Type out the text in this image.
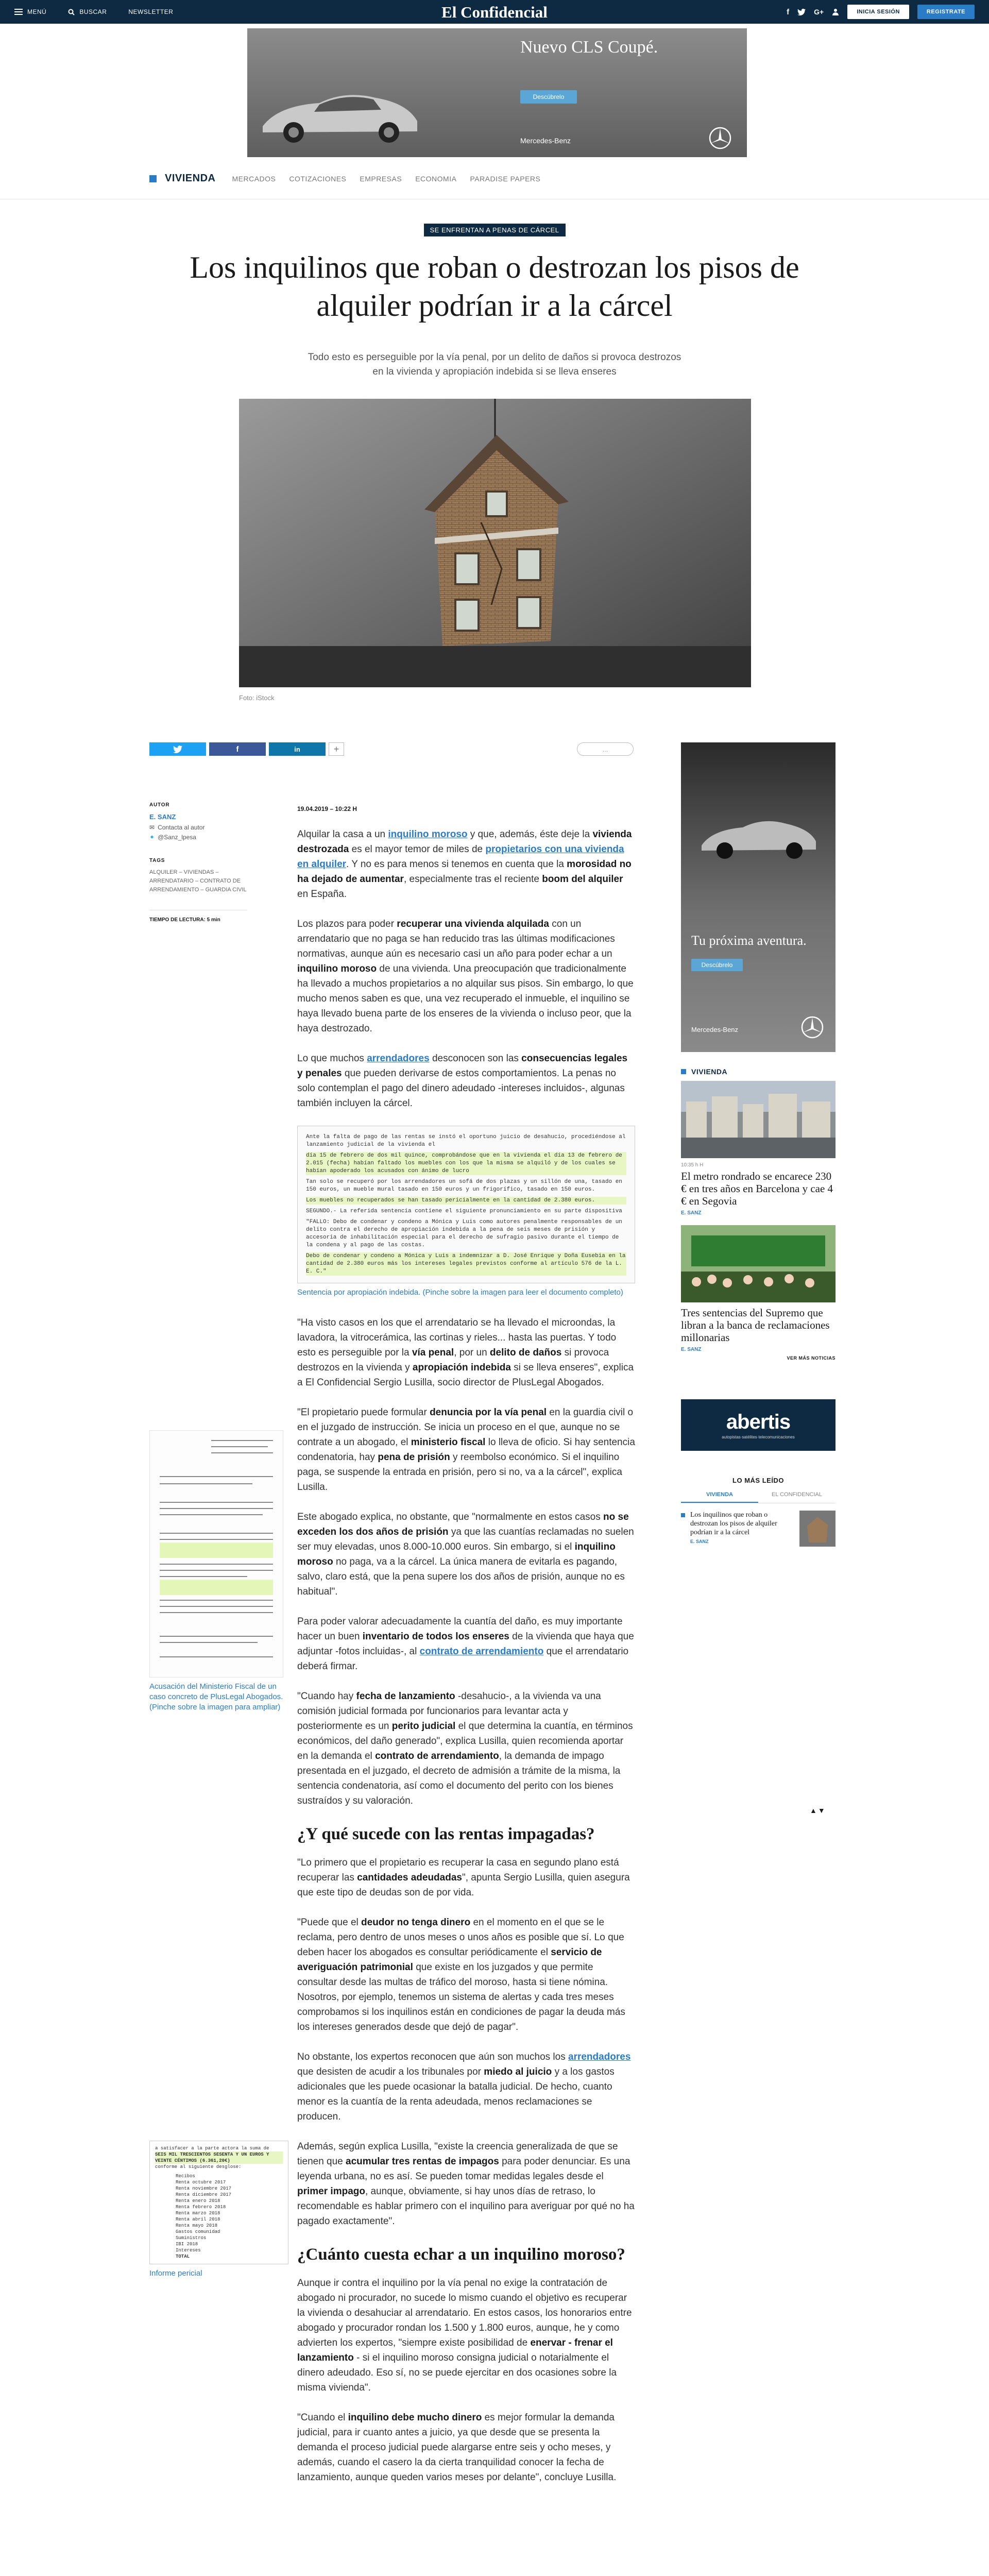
MENÚ	BUSCAR	NEWSLETTER	El Confidencial	f	G+	INICIA SESIÓN	REGISTRATE
Nuevo CLS Coupé.
Descúbrelo
Mercedes-Benz
VIVIENDA MERCADOS COTIZACIONES EMPRESAS ECONOMIA PARADISE PAPERS
SE ENFRENTAN A PENAS DE CÁRCEL
Los inquilinos que roban o destrozan los pisos de alquiler podrían ir a la cárcel
Todo esto es perseguible por la vía penal, por un delito de daños si provoca destrozos en la vivienda y apropiación indebida si se lleva enseres
Foto: iStock
f	in	+	...
AUTOR
E. SANZ
✉ Contacta al autor
✦ @Sanz_lpesa
TAGS
ALQUILER – VIVIENDAS – ARRENDATARIO – CONTRATO DE ARRENDAMIENTO – GUARDIA CIVIL
TIEMPO DE LECTURA: 5 min
19.04.2019 – 10:22 H

Alquilar la casa a un inquilino moroso y que, además, éste deje la vivienda destrozada es el mayor temor de miles de propietarios con una vivienda en alquiler. Y no es para menos si tenemos en cuenta que la morosidad no ha dejado de aumentar, especialmente tras el reciente boom del alquiler en España.

Los plazos para poder recuperar una vivienda alquilada con un arrendatario que no paga se han reducido tras las últimas modificaciones normativas, aunque aún es necesario casi un año para poder echar a un inquilino moroso de una vivienda. Una preocupación que tradicionalmente ha llevado a muchos propietarios a no alquilar sus pisos. Sin embargo, lo que mucho menos saben es que, una vez recuperado el inmueble, el inquilino se haya llevado buena parte de los enseres de la vivienda o incluso peor, que la haya destrozado.

Lo que muchos arrendadores desconocen son las consecuencias legales y penales que pueden derivarse de estos comportamientos. La penas no solo contemplan el pago del dinero adeudado -intereses incluidos-, algunas también incluyen la cárcel.

Ante la falta de pago de las rentas se instó el oportuno juicio de desahucio, procediéndose al lanzamiento judicial de la vivienda el
día 15 de febrero de dos mil quince, comprobándose que en la vivienda el día 13 de febrero de 2.015 (fecha) habían faltado los muebles con los que la misma se alquiló y de los cuales se habían apoderado los acusados con ánimo de lucro
Tan solo se recuperó por los arrendadores un sofá de dos plazas y un sillón de una, tasado en 150 euros, un mueble mural tasado en 150 euros y un frigorífico, tasado en 150 euros.
Los muebles no recuperados se han tasado pericialmente en la cantidad de 2.380 euros.
SEGUNDO.- La referida sentencia contiene el siguiente pronunciamiento en su parte dispositiva
"FALLO: Debo de condenar y condeno a Mónica y Luis como autores penalmente responsables de un delito contra el derecho de apropiación indebida a la pena de seis meses de prisión y accesoria de inhabilitación especial para el derecho de sufragio pasivo durante el tiempo de la condena y al pago de las costas.
Debo de condenar y condeno a Mónica y Luis a indemnizar a D. José Enrique y Doña Eusebia en la cantidad de 2.380 euros más los intereses legales previstos conforme al artículo 576 de la L. E. C."
Sentencia por apropiación indebida. (Pinche sobre la imagen para leer el documento completo)

"Ha visto casos en los que el arrendatario se ha llevado el microondas, la lavadora, la vitrocerámica, las cortinas y rieles... hasta las puertas. Y todo esto es perseguible por la vía penal, por un delito de daños si provoca destrozos en la vivienda y apropiación indebida si se lleva enseres", explica a El Confidencial Sergio Lusilla, socio director de PlusLegal Abogados.

"El propietario puede formular denuncia por la vía penal en la guardia civil o en el juzgado de instrucción. Se inicia un proceso en el que, aunque no se contrate a un abogado, el ministerio fiscal lo lleva de oficio. Si hay sentencia condenatoria, hay pena de prisión y reembolso económico. Si el inquilino paga, se suspende la entrada en prisión, pero si no, va a la cárcel", explica Lusilla.

Este abogado explica, no obstante, que "normalmente en estos casos no se exceden los dos años de prisión ya que las cuantías reclamadas no suelen ser muy elevadas, unos 8.000-10.000 euros. Sin embargo, si el inquilino moroso no paga, va a la cárcel. La única manera de evitarla es pagando, salvo, claro está, que la pena supere los dos años de prisión, aunque no es habitual".

Para poder valorar adecuadamente la cuantía del daño, es muy importante hacer un buen inventario de todos los enseres de la vivienda que haya que adjuntar -fotos incluidas-, al contrato de arrendamiento que el arrendatario deberá firmar.

"Cuando hay fecha de lanzamiento -desahucio-, a la vivienda va una comisión judicial formada por funcionarios para levantar acta y posteriormente es un perito judicial el que determina la cuantía, en términos económicos, del daño generado", explica Lusilla, quien recomienda aportar en la demanda el contrato de arrendamiento, la demanda de impago presentada en el juzgado, el decreto de admisión a trámite de la misma, la sentencia condenatoria, así como el documento del perito con los bienes sustraídos y su valoración.

¿Y qué sucede con las rentas impagadas?

"Lo primero que el propietario es recuperar la casa en segundo plano está recuperar las cantidades adeudadas", apunta Sergio Lusilla, quien asegura que este tipo de deudas son de por vida.

"Puede que el deudor no tenga dinero en el momento en el que se le reclama, pero dentro de unos meses o unos años es posible que sí. Lo que deben hacer los abogados es consultar periódicamente el servicio de averiguación patrimonial que existe en los juzgados y que permite consultar desde las multas de tráfico del moroso, hasta si tiene nómina. Nosotros, por ejemplo, tenemos un sistema de alertas y cada tres meses comprobamos si los inquilinos están en condiciones de pagar la deuda más los intereses generados desde que dejó de pagar".

No obstante, los expertos reconocen que aún son muchos los arrendadores que desisten de acudir a los tribunales por miedo al juicio y a los gastos adicionales que les puede ocasionar la batalla judicial. De hecho, cuanto menor es la cuantía de la renta adeudada, menos reclamaciones se producen.

Además, según explica Lusilla, "existe la creencia generalizada de que se tienen que acumular tres rentas de impagos para poder denunciar. Es una leyenda urbana, no es así. Se pueden tomar medidas legales desde el primer impago, aunque, obviamente, si hay unos días de retraso, lo recomendable es hablar primero con el inquilino para averiguar por qué no ha pagado exactamente".

¿Cuánto cuesta echar a un inquilino moroso?

Aunque ir contra el inquilino por la vía penal no exige la contratación de abogado ni procurador, no sucede lo mismo cuando el objetivo es recuperar la vivienda o desahuciar al arrendatario. En estos casos, los honorarios entre abogado y procurador rondan los 1.500 y 1.800 euros, aunque, he y como advierten los expertos, "siempre existe posibilidad de enervar - frenar el lanzamiento - si el inquilino moroso consigna judicial o notarialmente el dinero adeudado. Eso sí, no se puede ejercitar en dos ocasiones sobre la misma vivienda".

"Cuando el inquilino debe mucho dinero es mejor formular la demanda judicial, para ir cuanto antes a juicio, ya que desde que se presenta la demanda el proceso judicial puede alargarse entre seis y ocho meses, y además, cuando el casero la da cierta tranquilidad conocer la fecha de lanzamiento, aunque queden varios meses por delante", concluye Lusilla.

Acusación del Ministerio Fiscal de un caso concreto de PlusLegal Abogados. (Pinche sobre la imagen para ampliar)
a satisfacer a la parte actora la suma de
SEIS MIL TRESCIENTOS SESENTA Y UN EUROS Y VEINTE CÉNTIMOS (6.361,20€)
conforme al siguiente desglose:
Recibos
Renta octubre 2017
Renta noviembre 2017
Renta diciembre 2017
Renta enero 2018
Renta febrero 2018
Renta marzo 2018
Renta abril 2018
Renta mayo 2018
Gastos comunidad
Suministros
IBI 2018
Intereses
TOTAL
Informe pericial
Tu próxima aventura.
Descúbrelo
Mercedes-Benz
VIVIENDA
10:35 h H
El metro rondrado se encarece 230 € en tres años en Barcelona y cae 4 € en Segovia
E. SANZ
Tres sentencias del Supremo que libran a la banca de reclamaciones millonarias
E. SANZ
VER MÁS NOTICIAS
abertis
autopistas·satélites·telecomunicaciones
LO MÁS LEÍDO
VIVIENDA	EL CONFIDENCIAL
Los inquilinos que roban o destrozan los pisos de alquiler podrían ir a la cárcel
E. SANZ
▲▼
